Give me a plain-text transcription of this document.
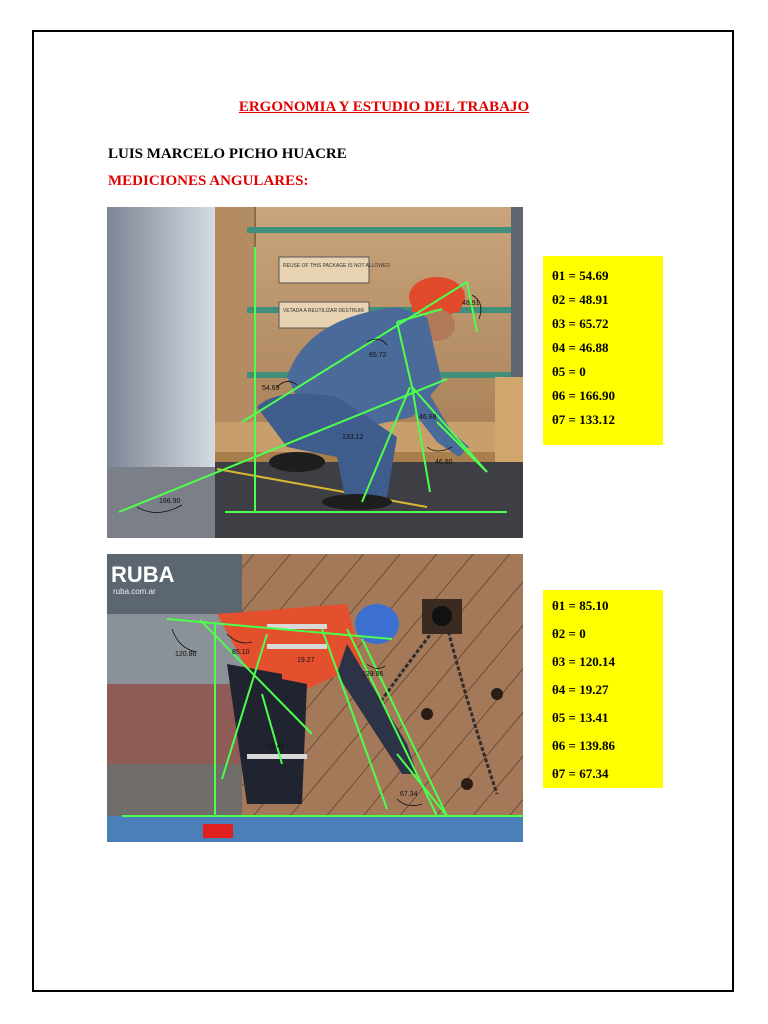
ERGONOMIA Y ESTUDIO DEL TRABAJO
LUIS MARCELO PICHO HUACRE
MEDICIONES ANGULARES:
REUSE OF THIS PACKAGE IS NOT ALLOWED
VETADA A REUTILIZAR DESTRUIR
48.91
65.72
54.69
46.88
166.90
133.12
46.90
θ1 = 54.69
θ2 = 48.91
θ3 = 65.72
θ4 = 46.88
θ5 = 0
θ6 = 166.90
θ7 = 133.12
RUBA
ruba.com.ar
120.86	85.10
19.27
139.86
13.41
67.34
θ1 = 85.10
θ2 = 0
θ3 = 120.14
θ4 = 19.27
θ5 = 13.41
θ6 = 139.86
θ7 = 67.34
